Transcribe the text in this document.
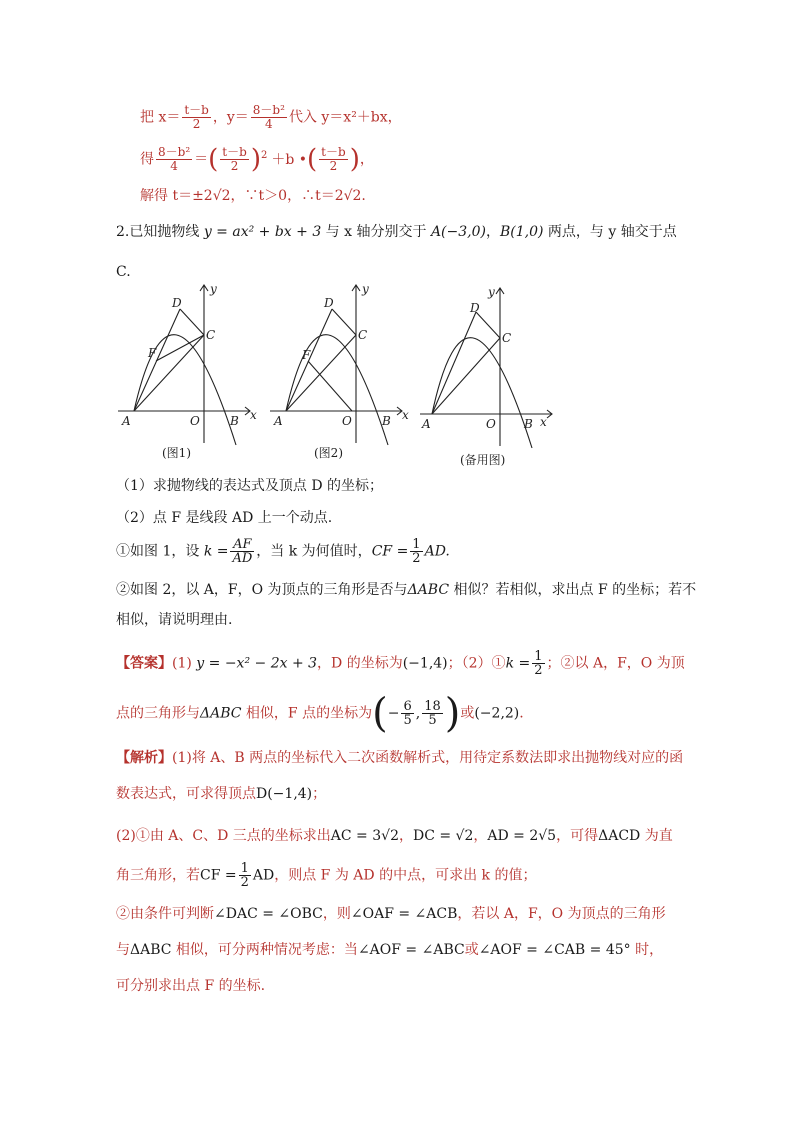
把 $x= \frac{t-b}{2}$ ，$y= \frac{\text{8－b²}}{4}$ 代入 y＝x²＋bx，
得 $\frac{\text{8－b²}}{4}$ ＝( $\frac{t-b}{2} )^2 +b$ •( $\frac{t-b}{2}$ )，
解得 t＝±2√2，∵t＞0，∴t＝2√2.
2.已知抛物线 y = ax² + bx + 3 与 x 轴分别交于 A(−3,0)，B(1,0) 两点，与 y 轴交于点
C.
y
x
A	O	B
C
D
F
(图1)
y
x
A	O	B
C
D
F
(图2)
y
x
A	O B
C
D
(备用图)
（1）求抛物线的表达式及顶点 D 的坐标；
（2）点 F 是线段 AD 上一个动点.
①如图 1，设 $k = \frac{AF}{AD}$ ，当 k 为何值时，CF = $\frac{1}{2}$ AD.
②如图 2，以 A，F，O 为顶点的三角形是否与ΔABC 相似？若相似，求出点 F 的坐标；若不
相似，请说明理由.
【答案】(1) y = −x² − 2x + 3，D 的坐标为(−1,4)；（2）①k = $\frac{1}{2}$ ；②以 A，F，O 为顶
点的三角形与ΔABC 相似，F 点的坐标为(− $\frac{6}{5}$ , $\frac{18}{5}$ )或(−2,2).
【解析】(1)将 A、B 两点的坐标代入二次函数解析式，用待定系数法即求出抛物线对应的函
数表达式，可求得顶点D(−1,4)；
(2)①由 A、C、D 三点的坐标求出AC = 3√2，DC = √2，AD = 2√5，可得ΔACD 为直
角三角形，若CF = $\frac{1}{2}$ AD，则点 F 为 AD 的中点，可求出 k 的值；
②由条件可判断∠DAC = ∠OBC，则∠OAF = ∠ACB，若以 A，F，O 为顶点的三角形
与ΔABC 相似，可分两种情况考虑：当∠AOF = ∠ABC或∠AOF = ∠CAB = 45° 时，
可分别求出点 F 的坐标.
